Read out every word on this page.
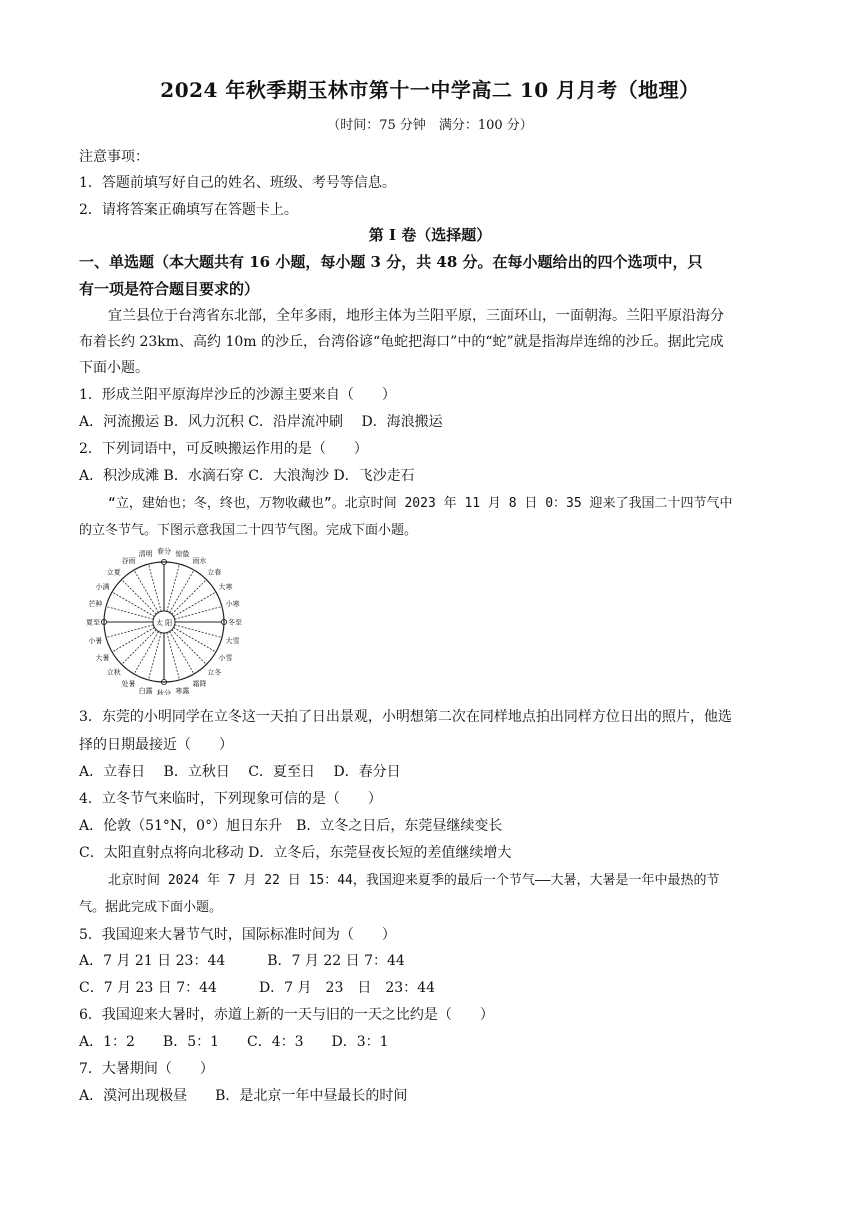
2024 年秋季期玉林市第十一中学高二 10 月月考（地理）
（时间：75 分钟　满分：100 分）
注意事项：
1．答题前填写好自己的姓名、班级、考号等信息。
2．请将答案正确填写在答题卡上。
第 I 卷（选择题）
一、单选题（本大题共有 16 小题，每小题 3 分，共 48 分。在每小题给出的四个选项中，只
有一项是符合题目要求的）
宜兰县位于台湾省东北部，全年多雨，地形主体为兰阳平原，三面环山，一面朝海。兰阳平原沿海分
布着长约 23km、高约 10m 的沙丘，台湾俗谚“龟蛇把海口”中的“蛇”就是指海岸连绵的沙丘。据此完成
下面小题。
1．形成兰阳平原海岸沙丘的沙源主要来自（　　）
A．河流搬运 B．风力沉积 C．沿岸流冲刷　 D．海浪搬运
2．下列词语中，可反映搬运作用的是（　　）
A．积沙成滩 B．水滴石穿 C．大浪淘沙 D．飞沙走石
“立，建始也；冬，终也，万物收藏也”。北京时间 2023 年 11 月 8 日 0：35 迎来了我国二十四节气中
的立冬节气。下图示意我国二十四节气图。完成下面小题。
太 阳
春分
清明
谷雨
立夏
小满
芒种
夏至
小暑
大暑
立秋
处暑
白露 秋分 寒露
霜降
立冬
小雪
大雪
冬至
小寒
大寒
立春
雨水
惊蛰
3．东莞的小明同学在立冬这一天拍了日出景观，小明想第二次在同样地点拍出同样方位日出的照片，他选
择的日期最接近（　　）
A．立春日　 B．立秋日　 C．夏至日　 D．春分日
4．立冬节气来临时，下列现象可信的是（　　）
A．伦敦（51°N，0°）旭日东升　B．立冬之日后，东莞昼继续变长
C．太阳直射点将向北移动 D．立冬后，东莞昼夜长短的差值继续增大
北京时间 2024 年 7 月 22 日 15：44，我国迎来夏季的最后一个节气——大暑，大暑是一年中最热的节
气。据此完成下面小题。
5．我国迎来大暑节气时，国际标准时间为（　　）
A．7 月 21 日 23：44　　　B．7 月 22 日 7：44
C．7 月 23 日 7：44　　　D．7 月　23　日　23：44
6．我国迎来大暑时，赤道上新的一天与旧的一天之比约是（　　）
A．1：2　　B．5：1　　C．4：3　　D．3：1
7．大暑期间（　　）
A．漠河出现极昼　　B．是北京一年中昼最长的时间
